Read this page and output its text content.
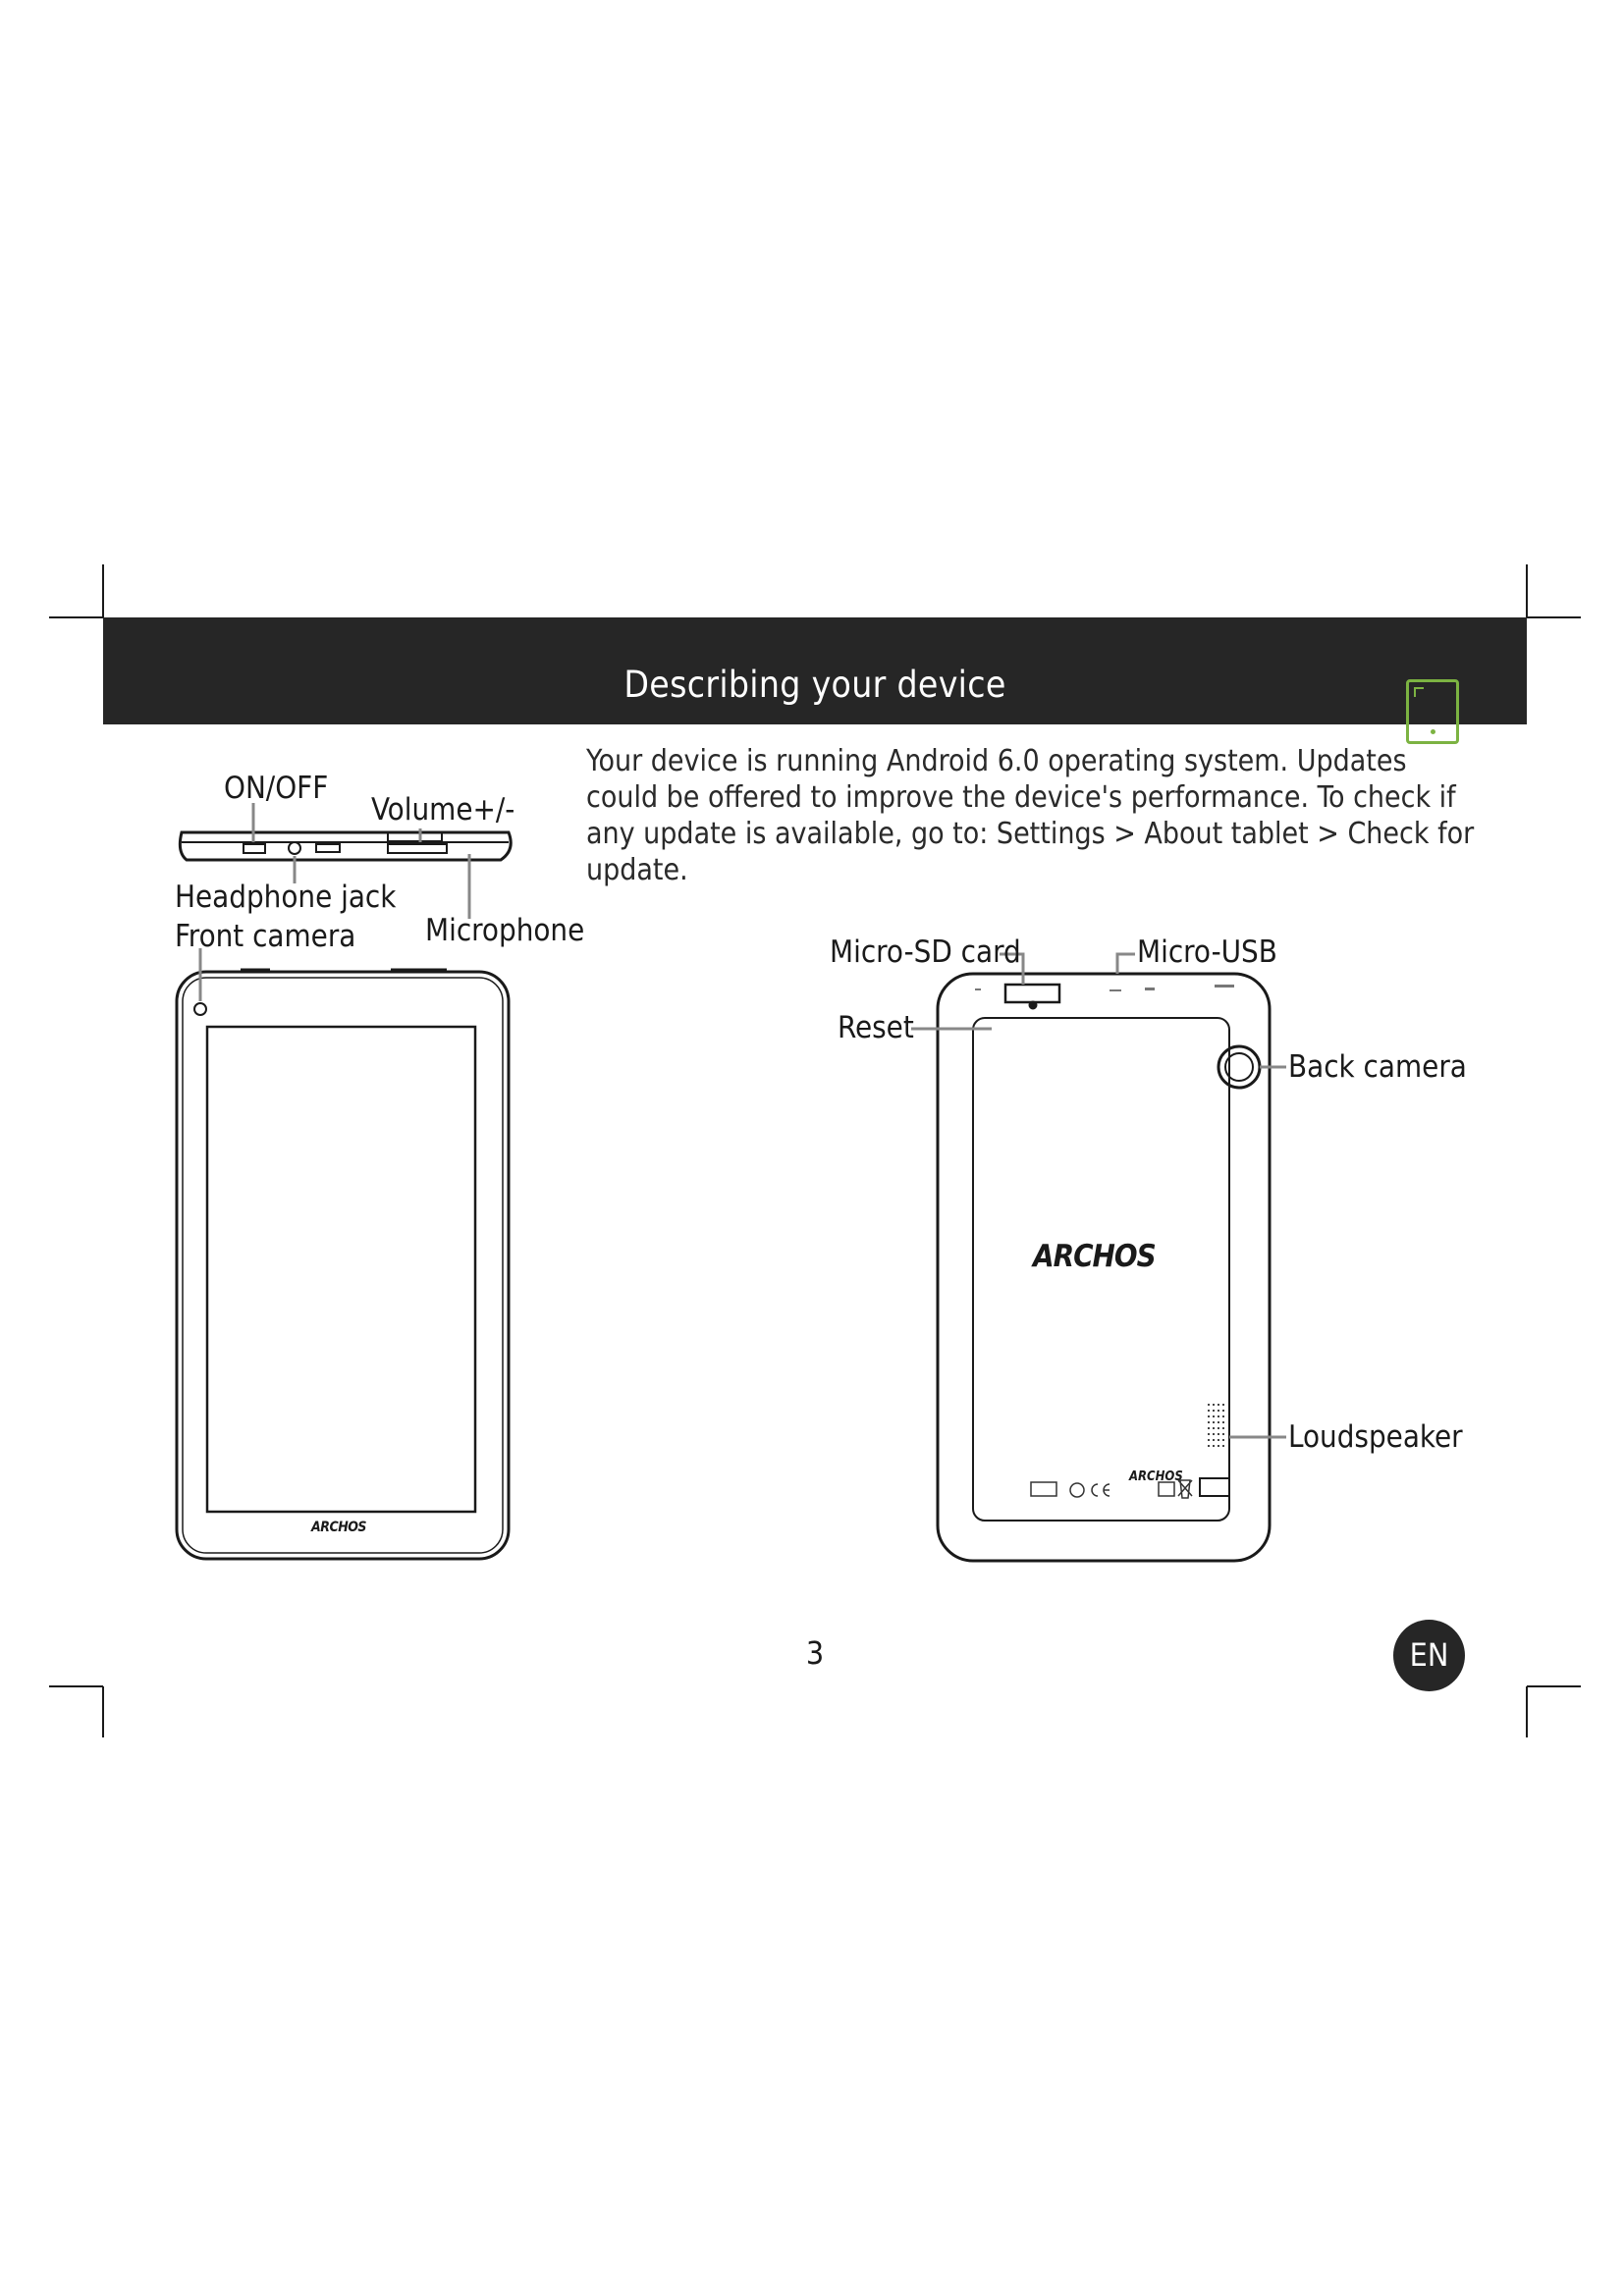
Describing your device
Your device is running Android 6.0 operating system. Updates could be offered to improve the device's performance. To check if any update is available, go to: Settings > About tablet > Check for update.
ARCHOS
ON/OFF
Volume+/-
Headphone jack
Front camera Microphone
ARCHOS
ARCHOS
Micro-SD card	Micro-USB
Reset
Back camera
Loudspeaker
3	EN
